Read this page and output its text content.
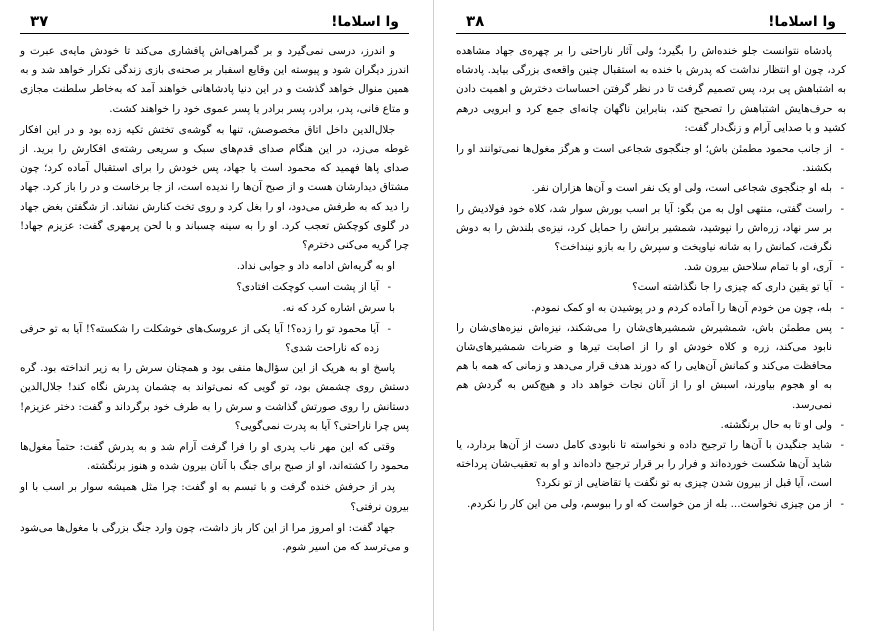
وا اسلاما!
۳۷

و اندرز، درسی نمی‌گیرد و بر گمراهی‌اش پافشاری می‌کند تا خودش مایه‌ی عبرت و اندرز دیگران شود و پیوسته این وقایع اسفبار بر صحنه‌ی بازی زندگی تکرار خواهد شد و به همین منوال خواهد گذشت و در این دنیا پادشاهانی خواهند آمد که به‌خاطر سلطنت مجازی و متاع فانی، پدر، برادر، پسر برادر یا پسر عموی خود را خواهند کشت.

جلال‌الدین داخل اتاق مخصوصش، تنها به گوشه‌ی تختش تکیه زده بود و در این افکار غوطه می‌زد، در این هنگام صدای قدم‌های سبک و سریعی رشته‌ی افکارش را برید. از صدای پاها فهمید که محمود است یا جهاد، پس خودش را برای استقبال آماده کرد؛ چون مشتاق دیدارشان هست و از صبح آن‌ها را ندیده است، از جا برخاست و در را باز کرد. جهاد را دید که به طرفش می‌دود، او را بغل کرد و روی تخت کنارش نشاند. از شگفتن بغض جهاد در گلوی کوچکش تعجب کرد. او را به سینه چسباند و با لحن پرمهری گفت: عزیزم جهاد! چرا گریه می‌کنی دخترم؟

او به گریه‌اش ادامه داد و جوابی نداد.

- آیا از پشت اسب کوچکت افتادی؟

با سرش اشاره کرد که نه.

- آیا محمود تو را زده؟! آیا یکی از عروسک‌های خوشکلت را شکسته؟! آیا به تو حرفی زده که ناراحت شدی؟

پاسخ او به هریک از این سؤال‌ها منفی بود و همچنان سرش را به زیر انداخته بود. گره دستش روی چشمش بود، تو گویی که نمی‌تواند به چشمان پدرش نگاه کند! جلال‌الدین دستانش را روی صورتش گذاشت و سرش را به طرف خود برگرداند و گفت: دختر عزیزم! پس چرا ناراحتی؟ آیا به پدرت نمی‌گویی؟

وقتی که این مهر ناب پدری او را فرا گرفت آرام شد و به پدرش گفت: حتماً مغول‌ها محمود را کشته‌اند، او از صبح برای جنگ با آنان بیرون شده و هنوز برنگشته.

پدر از حرفش خنده گرفت و با تبسم به او گفت: چرا مثل همیشه سوار بر اسب با او بیرون نرفتی؟

جهاد گفت: او امروز مرا از این کار باز داشت، چون وارد جنگ بزرگی با مغول‌ها می‌شود و می‌ترسد که من اسیر شوم.

وا اسلاما!
۳۸

پادشاه نتوانست جلو خنده‌اش را بگیرد؛ ولی آثار ناراحتی را بر چهره‌ی جهاد مشاهده کرد، چون او انتظار نداشت که پدرش با خنده به استقبال چنین واقعه‌ی بزرگی بیاید. پادشاه به اشتباهش پی برد، پس تصمیم گرفت تا در نظر گرفتن احساسات دخترش و اهمیت دادن به حرف‌هایش اشتباهش را تصحیح کند، بنابراین ناگهان چانه‌ای جمع کرد و ابرویی درهم کشید و با صدایی آرام و زنگ‌دار گفت:

- از جانب محمود مطمئن باش؛ او جنگجوی شجاعی است و هرگز مغول‌ها نمی‌توانند او را بکشند.
- بله او جنگجوی شجاعی است، ولی او یک نفر است و آن‌ها هزاران نفر.
- راست گفتی، منتهی اول به من بگو: آیا بر اسب بورش سوار شد، کلاه خود فولادیش را بر سر نهاد، زره‌اش را نپوشید، شمشیر برانش را حمایل کرد، نیزه‌ی بلندش را به دوش نگرفت، کمانش را به شانه نیاویخت و سپرش را به بازو نینداخت؟
- آری، او با تمام سلاحش بیرون شد.
- آیا تو یقین داری که چیزی را جا نگذاشته است؟
- بله، چون من خودم آن‌ها را آماده کردم و در پوشیدن به او کمک نمودم.
- پس مطمئن باش، شمشیرش شمشیرهای‌شان را می‌شکند، نیزه‌اش نیزه‌های‌شان را نابود می‌کند، زره و کلاه خودش او را از اصابت تیرها و ضربات شمشیرهای‌شان محافظت می‌کند و کمانش آن‌هایی را که دورند هدف قرار می‌دهد و زمانی که همه با هم به او هجوم بیاورند، اسبش او را از آنان نجات خواهد داد و هیچ‌کس به گردش هم نمی‌رسد.
- ولی او تا به حال برنگشته.
- شاید جنگیدن با آن‌ها را ترجیح داده و نخواسته تا نابودی کامل دست از آن‌ها بردارد، یا شاید آن‌ها شکست خورده‌اند و فرار را بر قرار ترجیح داده‌اند و او به تعقیب‌شان پرداخته است، آیا قبل از بیرون شدن چیزی به تو نگفت یا تقاضایی از تو نکرد؟
- از من چیزی نخواست... بله از من خواست که او را ببوسم، ولی من این کار را نکردم.
